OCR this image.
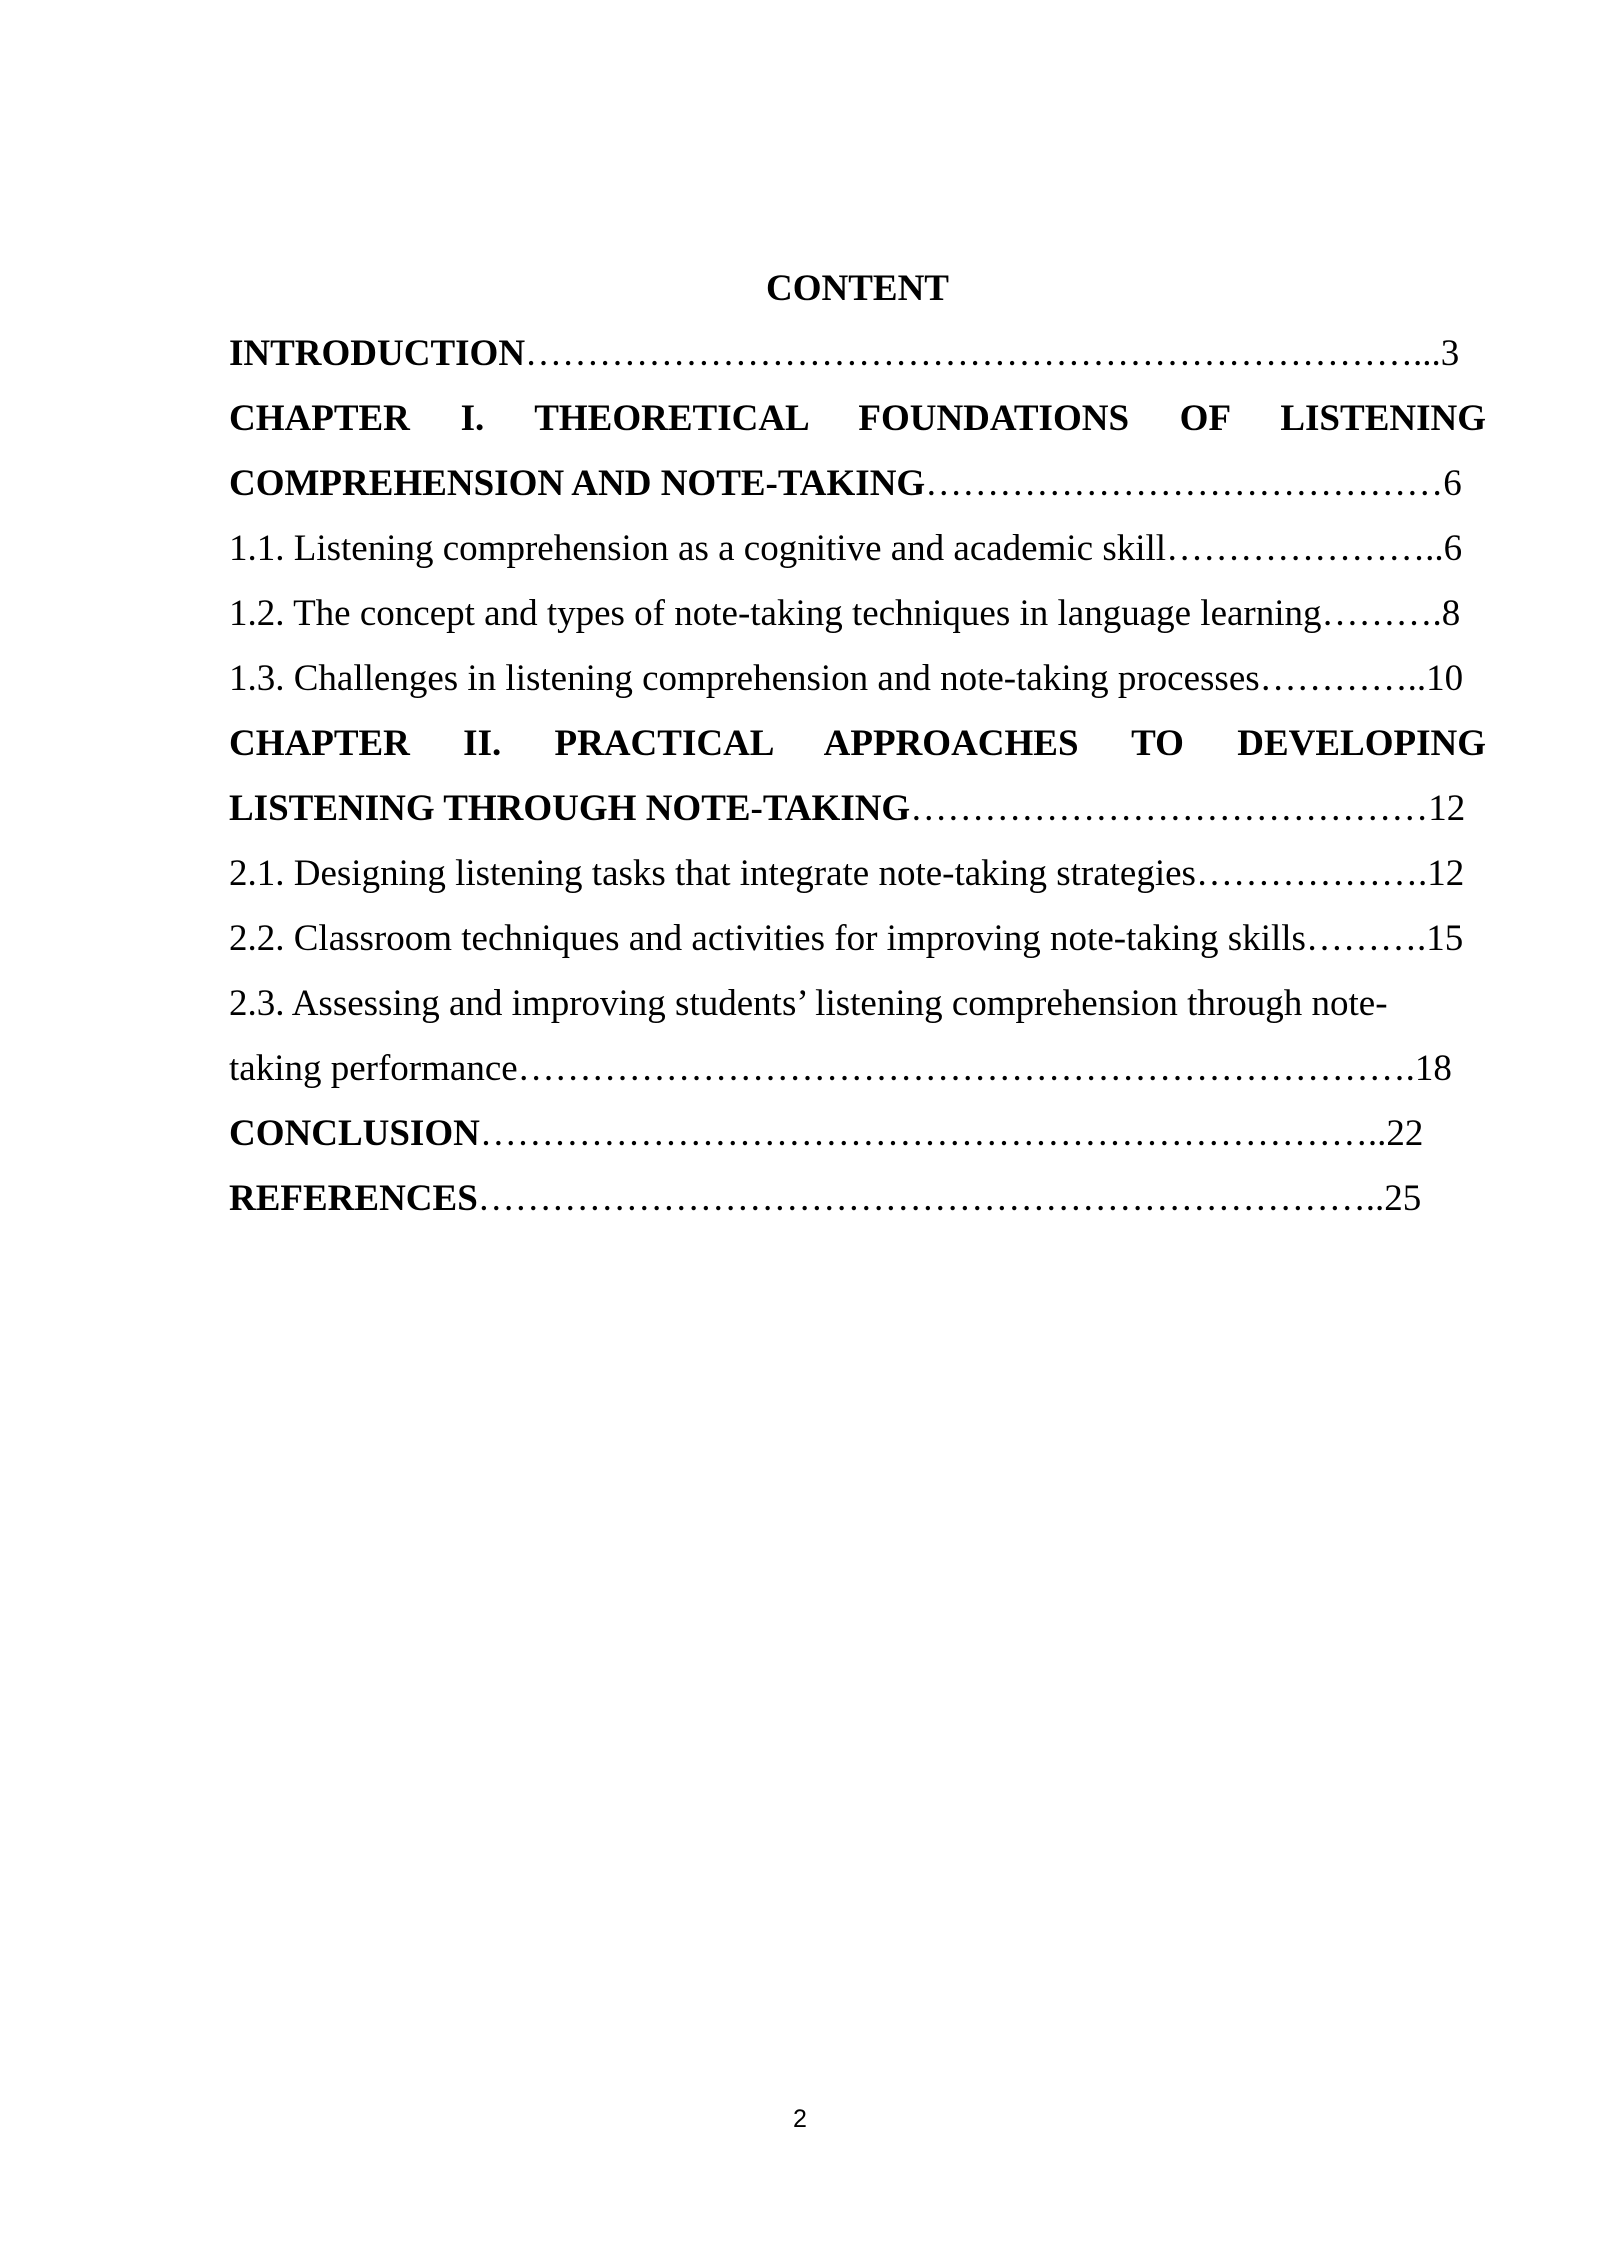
CONTENT
INTRODUCTION………………………………………………………………...3
CHAPTER I. THEORETICAL FOUNDATIONS OF LISTENING
COMPREHENSION AND NOTE-TAKING……………………………………6
1.1. Listening comprehension as a cognitive and academic skill…………………..6
1.2. The concept and types of note-taking techniques in language learning……….8
1.3. Challenges in listening comprehension and note-taking processes…………..10
CHAPTER II. PRACTICAL APPROACHES TO DEVELOPING
LISTENING THROUGH NOTE-TAKING……………………………………12
2.1. Designing listening tasks that integrate note-taking strategies……………….12
2.2. Classroom techniques and activities for improving note-taking skills……….15
2.3. Assessing and improving students’ listening comprehension through note-
taking performance……………………………………………………………….18
CONCLUSION………………………………………………………………..22
REFERENCES………………………………………………………………..25
2
